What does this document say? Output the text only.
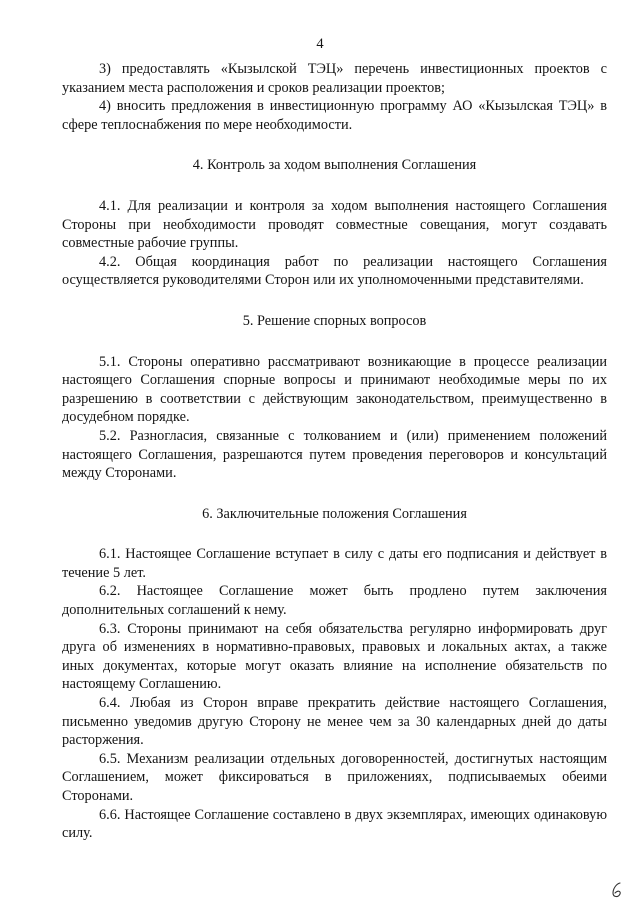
4

3) предоставлять «Кызылской ТЭЦ» перечень инвестиционных проектов с указанием места расположения и сроков реализации проектов;

4) вносить предложения в инвестиционную программу АО «Кызылская ТЭЦ» в сфере теплоснабжения по мере необходимости.

4. Контроль за ходом выполнения Соглашения

4.1. Для реализации и контроля за ходом выполнения настоящего Соглашения Стороны при необходимости проводят совместные совещания, могут создавать совместные рабочие группы.

4.2. Общая координация работ по реализации настоящего Соглашения осуществляется руководителями Сторон или их уполномоченными представителями.

5. Решение спорных вопросов

5.1. Стороны оперативно рассматривают возникающие в процессе реализации настоящего Соглашения спорные вопросы и принимают необходимые меры по их разрешению в соответствии с действующим законодательством, преимущественно в досудебном порядке.

5.2. Разногласия, связанные с толкованием и (или) применением положений настоящего Соглашения, разрешаются путем проведения переговоров и консультаций между Сторонами.

6. Заключительные положения Соглашения

6.1. Настоящее Соглашение вступает в силу с даты его подписания и действует в течение 5 лет.

6.2. Настоящее Соглашение может быть продлено путем заключения дополнительных соглашений к нему.

6.3. Стороны принимают на себя обязательства регулярно информировать друг друга об изменениях в нормативно-правовых, правовых и локальных актах, а также иных документах, которые могут оказать влияние на исполнение обязательств по настоящему Соглашению.

6.4. Любая из Сторон вправе прекратить действие настоящего Соглашения, письменно уведомив другую Сторону не менее чем за 30 календарных дней до даты расторжения.

6.5. Механизм реализации отдельных договоренностей, достигнутых настоящим Соглашением, может фиксироваться в приложениях, подписываемых обеими Сторонами.

6.6. Настоящее Соглашение составлено в двух экземплярах, имеющих одинаковую силу.
